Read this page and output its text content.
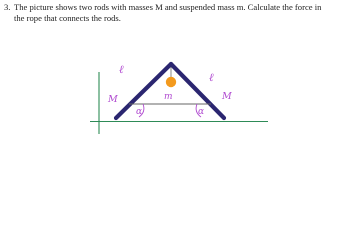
3. The picture shows two rods with masses M and suspended mass m. Calculate the force in
the rope that connects the rods.
ℓ
ℓ
M	M
m
α	α
